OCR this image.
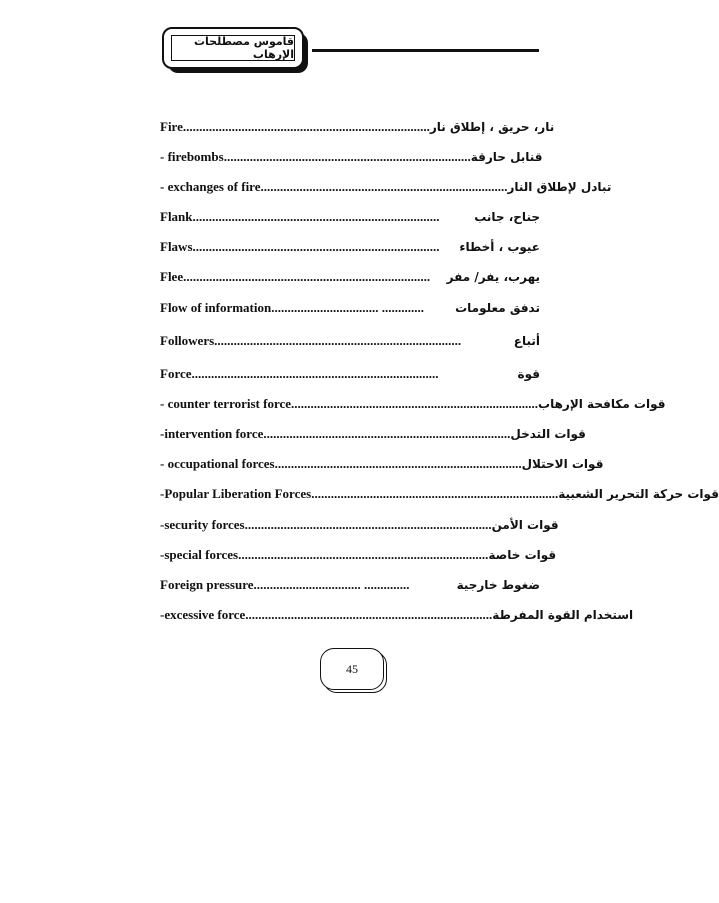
قاموس مصطلحات الإرهاب
Fire ............................................................................ نار، حريق ، إطلاق نار
- firebombs ............................................................................ قنابل حارقة
- exchanges of fire ............................................................................ تبادل لإطلاق النار
Flank ............................................................................	جناح، جانب
Flaws ............................................................................	عيوب ، أخطاء
Flee ............................................................................	يهرب، يفر/ مفر
Flow of information ................................. .............	تدفق معلومات
Followers ............................................................................	أتباع
Force ............................................................................	قوة
- counter terrorist force ............................................................................ قوات مكافحة الإرهاب
-intervention force ............................................................................ قوات التدخل
- occupational forces ............................................................................ قوات الاحتلال
-Popular Liberation Forces ............................................................................ قوات حركة التحرير الشعبية
-security forces ............................................................................ قوات الأمن
-special forces. ............................................................................ قوات خاصة
Foreign pressure ................................. ..............	ضغوط خارجية
-excessive force ............................................................................ استخدام القوة المفرطة
45
